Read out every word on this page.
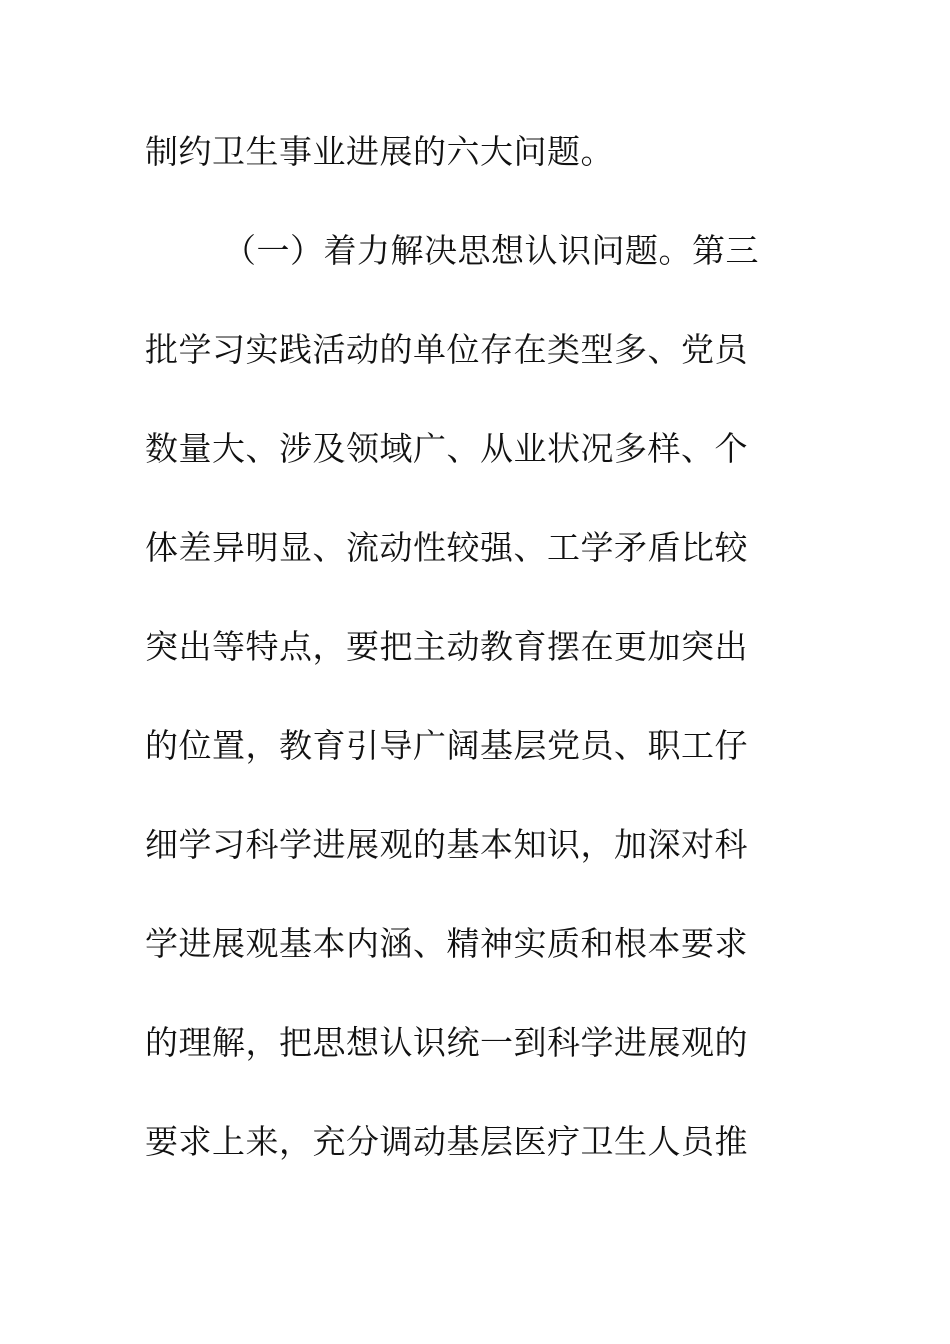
制约卫生事业进展的六大问题。
（一）着力解决思想认识问题。第三
批学习实践活动的单位存在类型多、党员
数量大、涉及领域广、从业状况多样、个
体差异明显、流动性较强、工学矛盾比较
突出等特点，要把主动教育摆在更加突出
的位置，教育引导广阔基层党员、职工仔
细学习科学进展观的基本知识，加深对科
学进展观基本内涵、精神实质和根本要求
的理解，把思想认识统一到科学进展观的
要求上来，充分调动基层医疗卫生人员推
